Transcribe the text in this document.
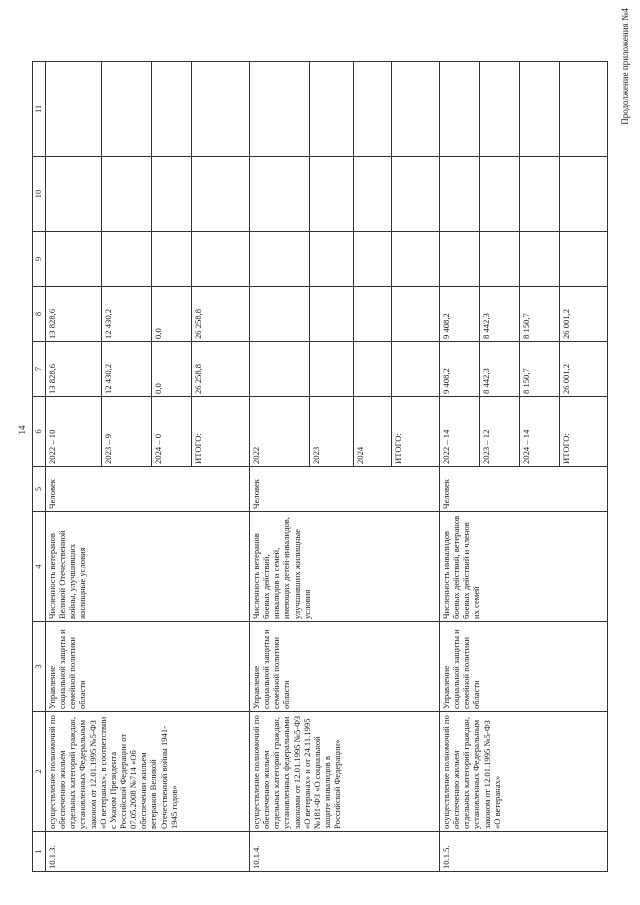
14
Продолжение приложения №4
1	2	3	4	5	6	7	8	9	10	11
10.1.3.	осуществление полномочий по обеспечению жильем отдельных категорий граждан, установленных Федеральным законом от 12.01.1995 №5-ФЗ «О ветеранах», в соответствии с Указом Президента Российской Федерации от 07.05.2008 №714 «Об обеспечении жильем ветеранов Великой Отечественной войны 1941-1945 годов»	Управление социальной защиты и семейной политики области	Численность ветеранов Великой Отечественной войны, улучшивших жилищные условия	Человек	2022 – 10	13 828,6	13 828,6			
					2023 – 9	12 430,2	12 430,2			
					2024 – 0	0,0	0,0			
					ИТОГО:	26 258,8	26 258,8			
10.1.4.	осуществление полномочий по обеспечению жильем отдельных категорий граждан, установленных федеральными законами от 12.01.1995 №5-ФЗ «О ветеранах» и от 24.11.1995 №181-ФЗ «О социальной защите инвалидов в Российской Федерации»	Управление социальной защиты и семейной политики области	Численность ветеранов боевых действий, инвалидов и семей, имеющих детей-инвалидов, улучшивших жилищные условия	Человек	2022					
					2023					
					2024					
					ИТОГО:					
10.1.5.	осуществление полномочий по обеспечению жильем отдельных категорий граждан, установленных Федеральным законом от 12.01.1995 №5-ФЗ «О ветеранах»	Управление социальной защиты и семейной политики области	Численность инвалидов боевых действий, ветеранов боевых действий и членов их семей	Человек	2022 – 14	9 408,2	9 408,2			
					2023 – 12	8 442,3	8 442,3			
					2024 – 14	8 150,7	8 150,7			
					ИТОГО:	26 001,2	26 001,2			
